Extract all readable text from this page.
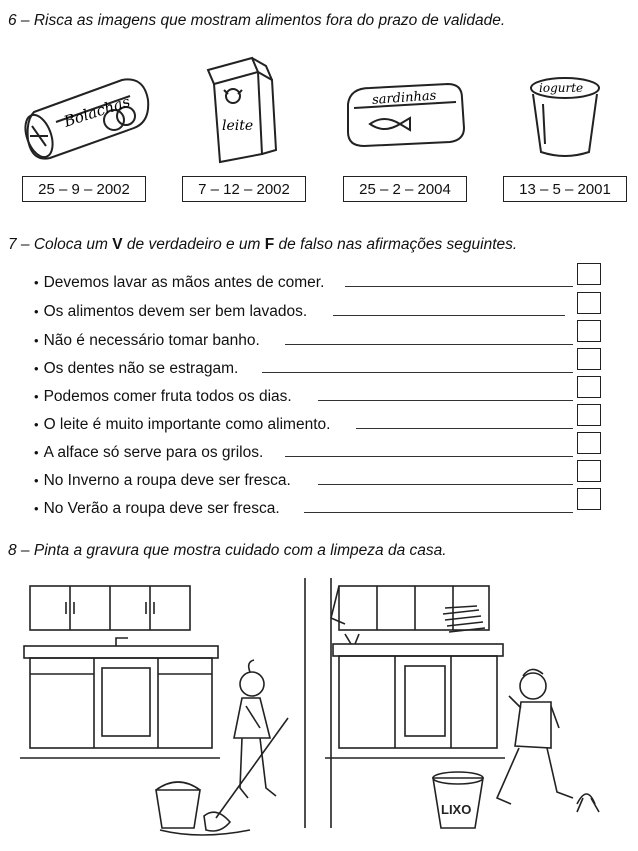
6 – Risca as imagens que mostram alimentos fora do prazo de validade.
Bolachas	leite
sardinhas
iogurte
25 – 9 – 2002	7 – 12 – 2002	25 – 2 – 2004	13 – 5 – 2001
7 – Coloca um V de verdadeiro e um F de falso nas afirmações seguintes.
• Devemos lavar as mãos antes de comer.
• Os alimentos devem ser bem lavados.
• Não é necessário tomar banho.
• Os dentes não se estragam.
• Podemos comer fruta todos os dias.
• O leite é muito importante como alimento.
• A alface só serve para os grilos.
• No Inverno a roupa deve ser fresca.
• No Verão a roupa deve ser fresca.
8 – Pinta a gravura que mostra cuidado com a limpeza da casa.
LIXO
